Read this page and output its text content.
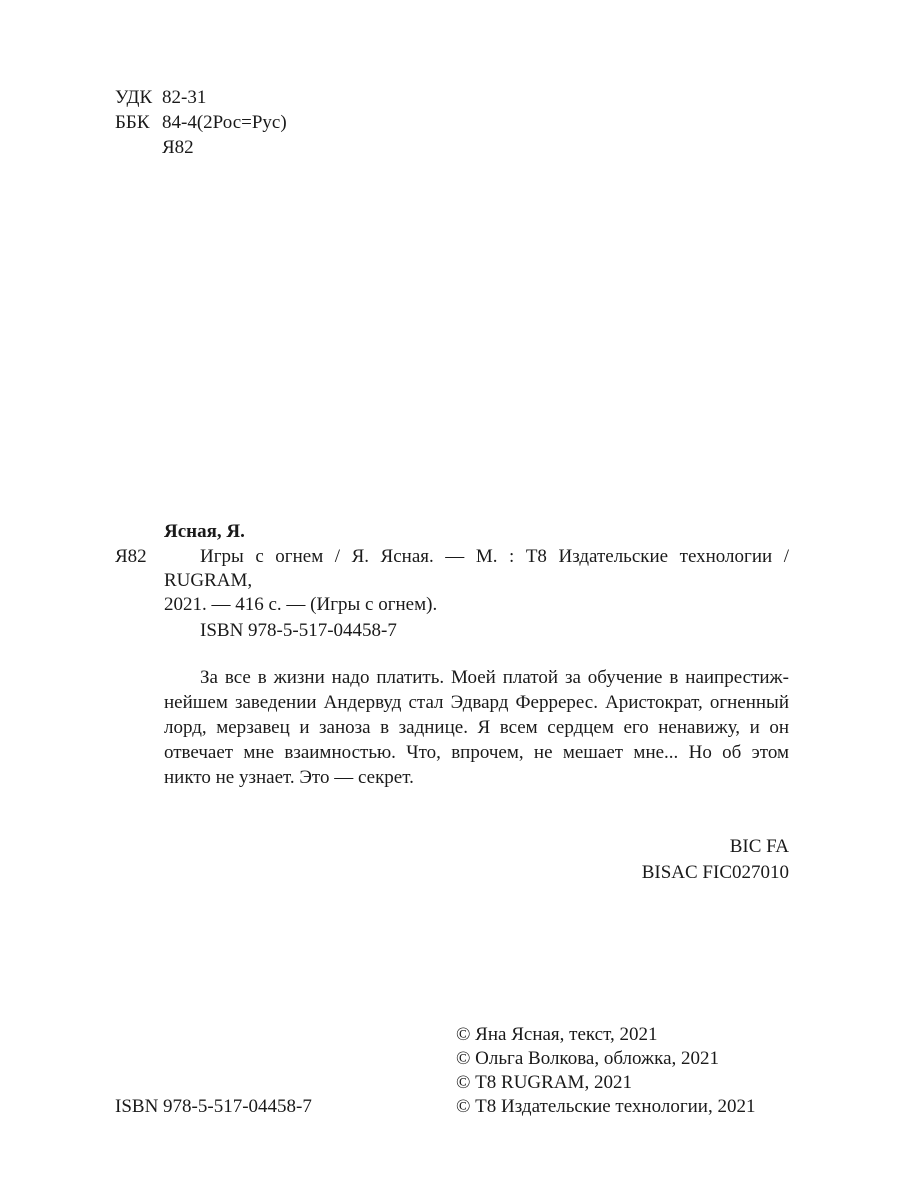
УДК 82-31
ББК 84-4(2Рос=Рус)
Я82
Ясная, Я.
Я82	Игры с огнем / Я. Ясная. — М. : Т8 Издательские технологии / RUGRAM,
2021. — 416 с. — (Игры с огнем).
ISBN 978-5-517-04458-7
За все в жизни надо платить. Моей платой за обучение в наипрестиж-
нейшем заведении Андервуд стал Эдвард Ферререс. Аристократ, огненный
лорд, мерзавец и заноза в заднице. Я всем сердцем его ненавижу, и он
отвечает мне взаимностью. Что, впрочем, не мешает мне... Но об этом
никто не узнает. Это — секрет.
BIC FA
BISAC FIC027010
© Яна Ясная, текст, 2021
© Ольга Волкова, обложка, 2021
© Т8 RUGRAM, 2021
© Т8 Издательские технологии, 2021
ISBN 978-5-517-04458-7
